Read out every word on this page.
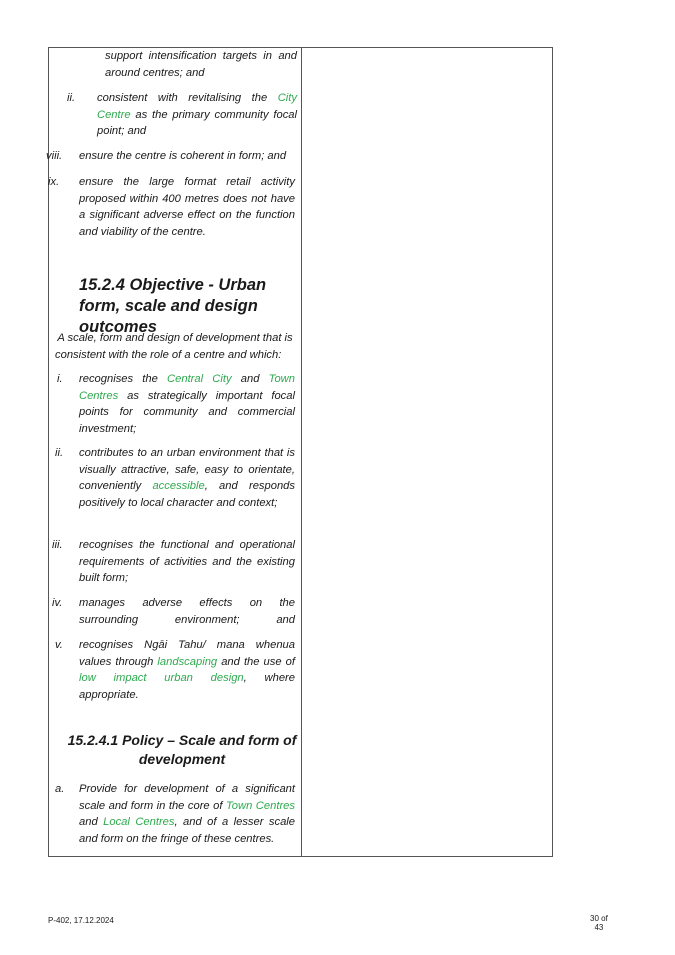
support intensification targets in and around centres; and
ii. consistent with revitalising the City Centre as the primary community focal point; and
viii. ensure the centre is coherent in form; and
ix. ensure the large format retail activity proposed within 400 metres does not have a significant adverse effect on the function and viability of the centre.
15.2.4 Objective - Urban form, scale and design outcomes
A scale, form and design of development that is consistent with the role of a centre and which:
i. recognises the Central City and Town Centres as strategically important focal points for community and commercial investment;
ii. contributes to an urban environment that is visually attractive, safe, easy to orientate, conveniently accessible, and responds positively to local character and context;
iii. recognises the functional and operational requirements of activities and the existing built form;
iv. manages adverse effects on the surrounding environment; and
v. recognises Ngāi Tahu/ mana whenua values through landscaping and the use of low impact urban design, where appropriate.
15.2.4.1 Policy – Scale and form of development
a. Provide for development of a significant scale and form in the core of Town Centres and Local Centres, and of a lesser scale and form on the fringe of these centres.
P-402, 17.12.2024	30 of
43
